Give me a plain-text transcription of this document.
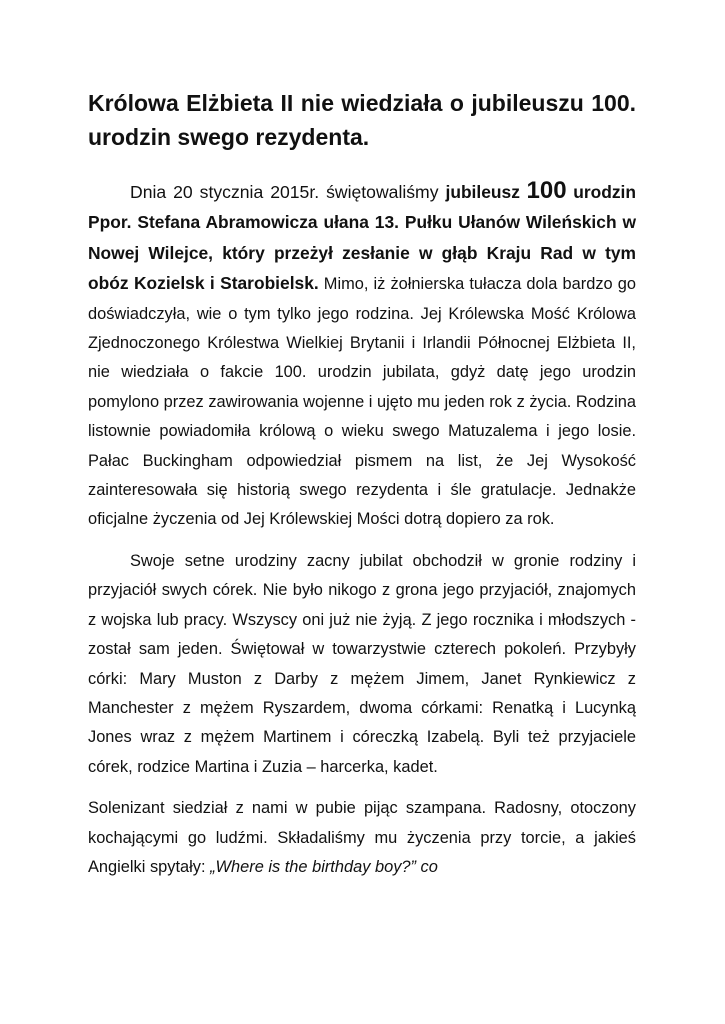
Królowa Elżbieta II nie wiedziała o jubileuszu 100. urodzin swego rezydenta.

Dnia 20 stycznia 2015r. świętowaliśmy jubileusz 100 urodzin Ppor. Stefana Abramowicza ułana 13. Pułku Ułanów Wileńskich w Nowej Wilejce, który przeżył zesłanie w głąb Kraju Rad w tym obóz Kozielsk i Starobielsk. Mimo, iż żołnierska tułacza dola bardzo go doświadczyła, wie o tym tylko jego rodzina. Jej Królewska Mość Królowa Zjednoczonego Królestwa Wielkiej Brytanii i Irlandii Północnej Elżbieta II, nie wiedziała o fakcie 100. urodzin jubilata, gdyż datę jego urodzin pomylono przez zawirowania wojenne i ujęto mu jeden rok z życia. Rodzina listownie powiadomiła królową o wieku swego Matuzalema i jego losie. Pałac Buckingham odpowiedział pismem na list, że Jej Wysokość zainteresowała się historią swego rezydenta i śle gratulacje. Jednakże oficjalne życzenia od Jej Królewskiej Mości dotrą dopiero za rok.

Swoje setne urodziny zacny jubilat obchodził w gronie rodziny i przyjaciół swych córek. Nie było nikogo z grona jego przyjaciół, znajomych z wojska lub pracy. Wszyscy oni już nie żyją. Z jego rocznika i młodszych - został sam jeden. Świętował w towarzystwie czterech pokoleń. Przybyły córki: Mary Muston z Darby z mężem Jimem, Janet Rynkiewicz z Manchester z mężem Ryszardem, dwoma córkami: Renatką i Lucynką Jones wraz z mężem Martinem i córeczką Izabelą. Byli też przyjaciele córek, rodzice Martina i Zuzia – harcerka, kadet.

Solenizant siedział z nami w pubie pijąc szampana. Radosny, otoczony kochającymi go ludźmi. Składaliśmy mu życzenia przy torcie, a jakieś Angielki spytały: „Where is the birthday boy?” co
